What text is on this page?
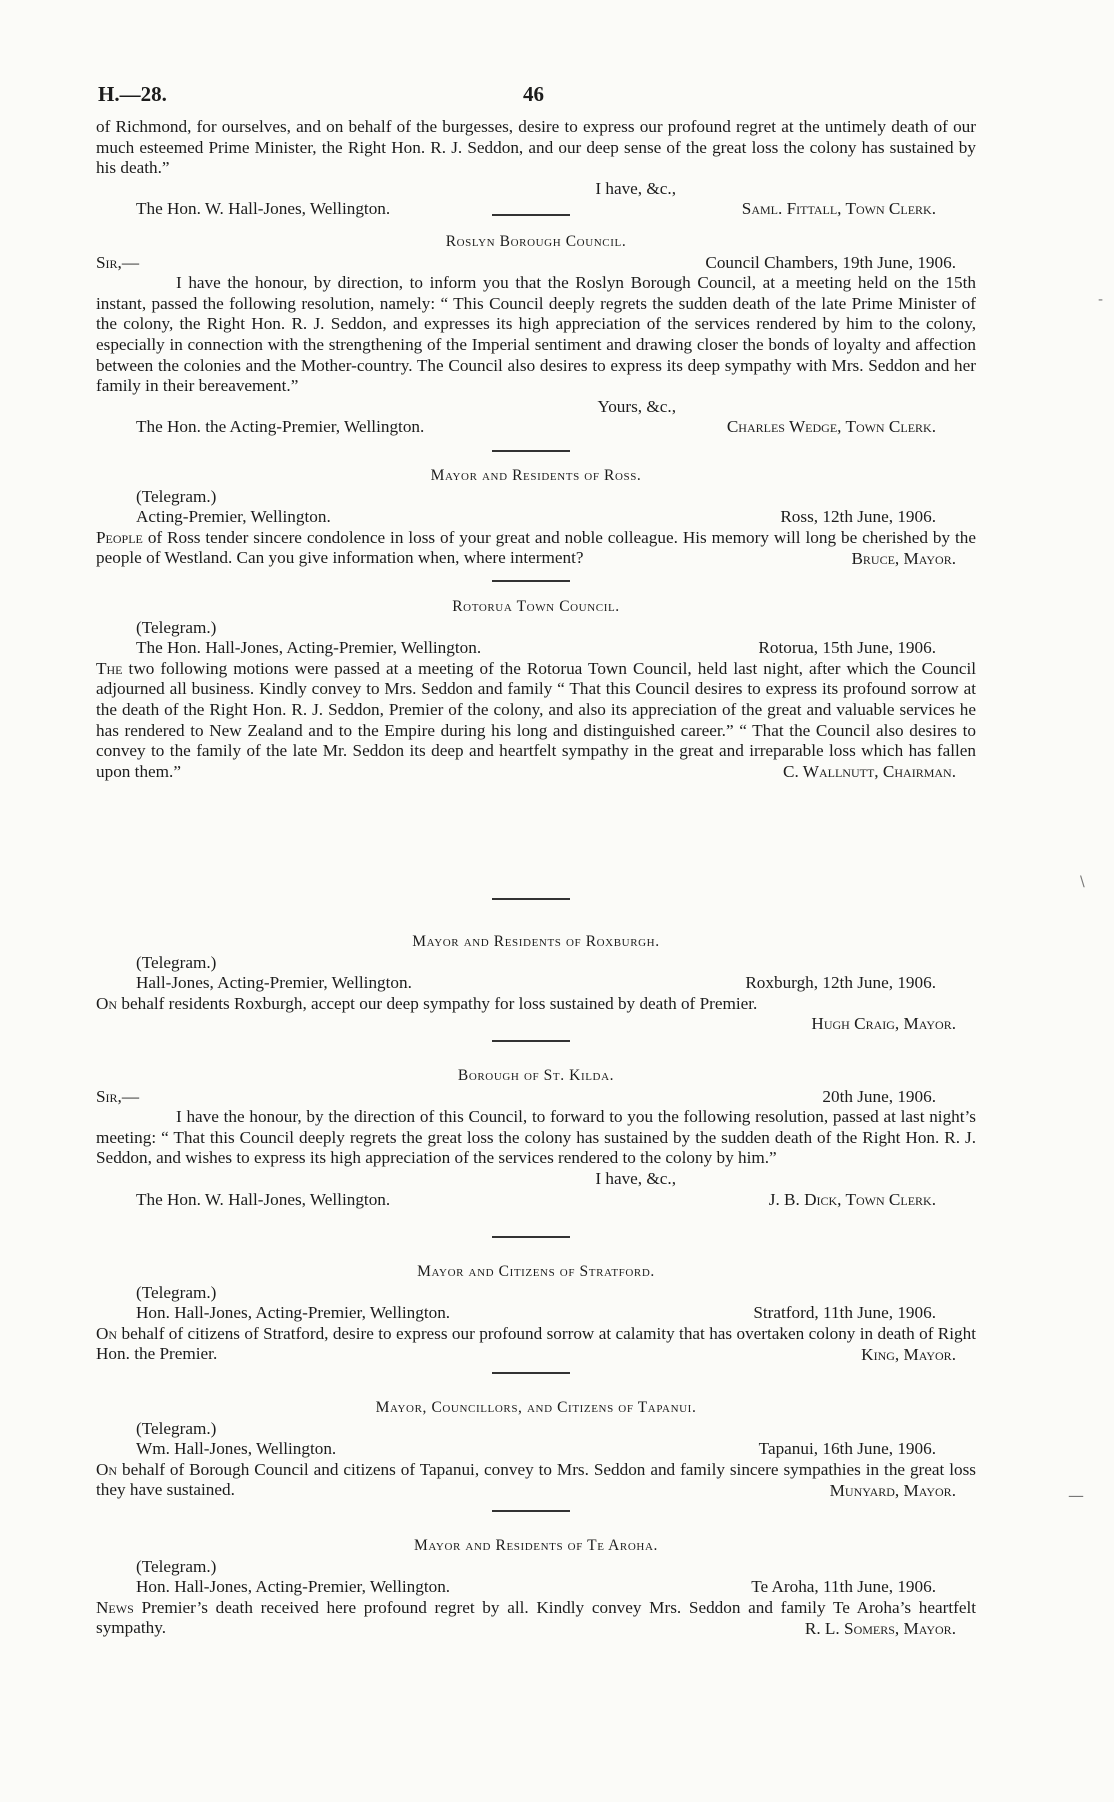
H.—28.	46
of Richmond, for ourselves, and on behalf of the burgesses, desire to express our profound regret at the untimely death of our much esteemed Prime Minister, the Right Hon. R. J. Seddon, and our deep sense of the great loss the colony has sustained by his death.”
I have, &c.,
The Hon. W. Hall-Jones, Wellington.	Saml. Fittall, Town Clerk.
Roslyn Borough Council.
Sir,—	Council Chambers, 19th June, 1906.
I have the honour, by direction, to inform you that the Roslyn Borough Council, at a meeting held on the 15th instant, passed the following resolution, namely: “ This Council deeply regrets the sudden death of the late Prime Minister of the colony, the Right Hon. R. J. Seddon, and expresses its high appreciation of the services rendered by him to the colony, especially in connection with the strengthening of the Imperial sentiment and drawing closer the bonds of loyalty and affection between the colonies and the Mother-country. The Council also desires to express its deep sympathy with Mrs. Seddon and her family in their bereavement.”
Yours, &c.,
The Hon. the Acting-Premier, Wellington.	Charles Wedge, Town Clerk.
Mayor and Residents of Ross.
(Telegram.)
Acting-Premier, Wellington.	Ross, 12th June, 1906.
People of Ross tender sincere condolence in loss of your great and noble colleague. His memory will long be cherished by the people of Westland. Can you give information when, where interment?	Bruce, Mayor.
Rotorua Town Council.
(Telegram.)
The Hon. Hall-Jones, Acting-Premier, Wellington.	Rotorua, 15th June, 1906.
The two following motions were passed at a meeting of the Rotorua Town Council, held last night, after which the Council adjourned all business. Kindly convey to Mrs. Seddon and family “ That this Council desires to express its profound sorrow at the death of the Right Hon. R. J. Seddon, Premier of the colony, and also its appreciation of the great and valuable services he has rendered to New Zealand and to the Empire during his long and distinguished career.” “ That the Council also desires to convey to the family of the late Mr. Seddon its deep and heartfelt sympathy in the great and irreparable loss which has fallen upon them.”	C. Wallnutt, Chairman.
Mayor and Residents of Roxburgh.
(Telegram.)
Hall-Jones, Acting-Premier, Wellington.	Roxburgh, 12th June, 1906.
On behalf residents Roxburgh, accept our deep sympathy for loss sustained by death of Premier.
Hugh Craig, Mayor.
Borough of St. Kilda.
Sir,—	20th June, 1906.
I have the honour, by the direction of this Council, to forward to you the following resolution, passed at last night’s meeting: “ That this Council deeply regrets the great loss the colony has sustained by the sudden death of the Right Hon. R. J. Seddon, and wishes to express its high appreciation of the services rendered to the colony by him.”
I have, &c.,
The Hon. W. Hall-Jones, Wellington.	J. B. Dick, Town Clerk.
Mayor and Citizens of Stratford.
(Telegram.)
Hon. Hall-Jones, Acting-Premier, Wellington.	Stratford, 11th June, 1906.
On behalf of citizens of Stratford, desire to express our profound sorrow at calamity that has overtaken colony in death of Right Hon. the Premier.	King, Mayor.
Mayor, Councillors, and Citizens of Tapanui.
(Telegram.)
Wm. Hall-Jones, Wellington.	Tapanui, 16th June, 1906.
On behalf of Borough Council and citizens of Tapanui, convey to Mrs. Seddon and family sincere sympathies in the great loss they have sustained.	Munyard, Mayor.
Mayor and Residents of Te Aroha.
(Telegram.)
Hon. Hall-Jones, Acting-Premier, Wellington.	Te Aroha, 11th June, 1906.
News Premier’s death received here profound regret by all. Kindly convey Mrs. Seddon and family Te Aroha’s heartfelt sympathy.	R. L. Somers, Mayor.
-
\
—
